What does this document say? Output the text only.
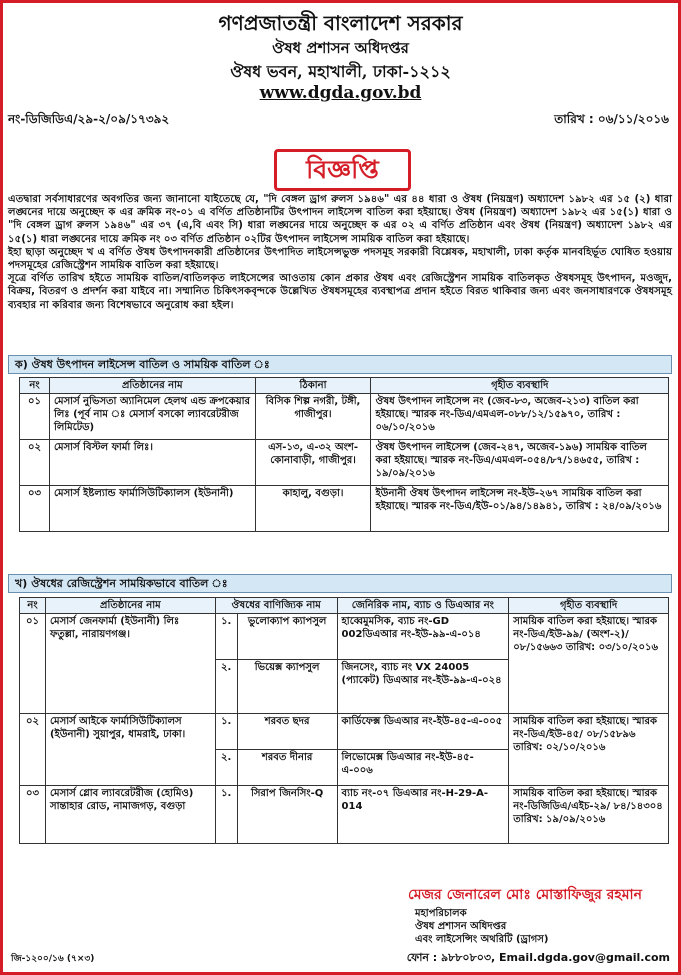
গণপ্রজাতন্ত্রী বাংলাদেশ সরকার
ঔষধ প্রশাসন অধিদপ্তর
ঔষধ ভবন, মহাখালী, ঢাকা-১২১২
www.dgda.gov.bd
নং-ডিজিডিএ/২৯-২/০৯/১৭৩৯২	তারিখ : ০৬/১১/২০১৬
বিজ্ঞপ্তি

এতদ্বারা সর্বসাধারণের অবগতির জন্য জানানো যাইতেছে যে, "দি বেঙ্গল ড্রাগ রুলস ১৯৪৬" এর ৪৪ ধারা ও ঔষধ (নিয়ন্ত্রণ) অধ্যাদেশ ১৯৮২ এর ১৫ (২) ধারা লঙ্ঘনের দায়ে অনুচ্ছেদ ক এর ক্রমিক নং-০১ এ বর্ণিত প্রতিষ্ঠানটির উৎপাদন লাইসেন্স বাতিল করা হইয়াছে। ঔষধ (নিয়ন্ত্রণ) অধ্যাদেশ ১৯৮২ এর ১৫(১) ধারা ও "দি বেঙ্গল ড্রাগ রুলস ১৯৪৬" এর ৩৭ (এ,বি এবং সি) ধারা লঙ্ঘনের দায়ে অনুচ্ছেদ ক এর ০২ এ বর্ণিত প্রতিষ্ঠান এবং ঔষধ (নিয়ন্ত্রণ) অধ্যাদেশ ১৯৮২ এর ১৫(১) ধারা লঙ্ঘনের দায়ে ক্রমিক নং ০৩ বর্ণিত প্রতিষ্ঠান ০২টির উৎপাদন লাইসেন্স সাময়িক বাতিল করা হইয়াছে।

ইহা ছাড়া অনুচ্ছেদ খ এ বর্ণিত ঔষধ উৎপাদনকারী প্রতিষ্ঠানের উৎপাদিত লাইসেন্সভুক্ত পদসমূহ সরকারী বিশ্লেষক, মহাখালী, ঢাকা কর্তৃক মানবহির্ভূত ঘোষিত হওয়ায় পদসমূহের রেজিস্ট্রেশন সাময়িক বাতিল করা হইয়াছে।

সূত্রে বর্ণিত তারিখ হইতে সাময়িক বাতিল/বাতিলকৃত লাইসেন্সের আওতায় কোন প্রকার ঔষধ এবং রেজিস্ট্রেশন সাময়িক বাতিলকৃত ঔষধসমূহ উৎপাদন, মওজুদ, বিক্রয়, বিতরণ ও প্রদর্শন করা যাইবে না। সম্মানিত চিকিৎসকবৃন্দকে উল্লেখিত ঔষধসমূহের ব্যবস্থাপত্র প্রদান হইতে বিরত থাকিবার জন্য এবং জনসাধারণকে ঔষধসমূহ ব্যবহার না করিবার জন্য বিশেষভাবে অনুরোধ করা হইল।

ক) ঔষধ উৎপাদন লাইসেন্স বাতিল ও সাময়িক বাতিল ঃ
নং	প্রতিষ্ঠানের নাম	ঠিকানা	গৃহীত ব্যবস্থাদি
০১	মেসার্স নুভিসতা অ্যানিমেল হেলথ এন্ড ক্রপকেয়ার লিঃ (পূর্ব নাম ঃ মেসার্স বসকো ল্যাবরেটরীজ লিমিটেড)	বিসিক শিল্প নগরী, টঙ্গী, গাজীপুর।	ঔষধ উৎপাদন লাইসেন্স নং (জেব-৮৩, অজেব-২১৩) বাতিল করা হইয়াছে। স্মারক নং-ডিএ/এমএল-০৮৮/১২/১৫৯৭০, তারিখ : ০৬/১০/২০১৬
০২	মেসার্স বিস্টল ফার্মা লিঃ।	এস-১৩, এ-৩২ অংশ-কোনাবাড়ী, গাজীপুর।	ঔষধ উৎপাদন লাইসেন্স (জেব-২৪৭, অজেব-১৯৬) সাময়িক বাতিল করা হইয়াছে। স্মারক নং-ডিএ/এমএল-০৫৪/৮৭/১৪৬৫৫, তারিখ : ১৯/০৯/২০১৬
০৩	মেসার্স ইষ্টল্যান্ড ফার্মাসিউটিক্যালস (ইউনানী)	কাহালু, বগুড়া।	ইউনানী ঔষধ উৎপাদন লাইসেন্স নং-ইউ-২৬৭ সাময়িক বাতিল করা হইয়াছে। স্মারক নং-ডিএ/ইউ-০১/৯৪/১৪৯৪১, তারিখ : ২৪/০৯/২০১৬
খ) ঔষধের রেজিস্ট্রেশন সাময়িকভাবে বাতিল ঃ
নং	প্রতিষ্ঠানের নাম	ঔষধের বাণিজ্যিক নাম		জেনিরিক নাম, ব্যাচ ও ডিএআর নং	গৃহীত ব্যবস্থাদি
০১	মেসার্স জেনফার্মা (ইউনানী) লিঃ ফতুল্লা, নারায়ণগঞ্জ।	১.	ভুলোক্যাপ ক্যাপসুল	হাব্বেমুমসিক, ব্যাচ নং-GD 002ডিএআর নং-ইউ-৯৯-এ-০১৪	সাময়িক বাতিল করা হইয়াছে। স্মারক নং-ডিএ/ইউ-৯৯/ (অংশ-২)/০৮/১৫৬৬৩ তারিখ: ০৩/১০/২০১৬
		২.	ভিয়েক্স ক্যাপসুল	জিনসেং, ব্যাচ নং VX 24005 (প্যাকেট) ডিএআর নং-ইউ-৯৯-এ-০২৪	
০২	মেসার্স আইকে ফার্মাসিউটিক্যালস (ইউনানী) সুয়াপুর, ধামরাই, ঢাকা।	১.	শরবত ছদর	কার্ডিফেক্স ডিএআর নং-ইউ-৪৫-এ-০০৫	সাময়িক বাতিল করা হইয়াছে। স্মারক নং-ডিএ/ইউ-৪৫/ ০৮/১৫৮৯৬ তারিখ: ০২/১০/২০১৬
		২.	শরবত দীনার	লিভোমেক্স ডিএআর নং-ইউ-৪৫-এ-০০৬	
০৩	মেসার্স গ্লোব ল্যাবরেটরীজ (হোমিও) সান্তাহার রোড, নামাজগড়, বগুড়া	১.	সিরাপ জিনসিং-Q	ব্যাচ নং-০৭ ডিএআর নং-H-29-A-014	সাময়িক বাতিল করা হইয়াছে। স্মারক নং-ডিজিডিএ/এইচ-২৯/ ৮৪/১৪৩০৪ তারিখ: ১৯/০৯/২০১৬
মেজর জেনারেল মোঃ মোস্তাফিজুর রহমান
মহাপরিচালক
ঔষধ প্রশাসন অধিদপ্তর
এবং লাইসেন্সিং অথরিটি (ড্রাগস)
জি-১২০০/১৬ (৭×৩)	ফোন : ৯৮৮০৮০৩, Email.dgda.gov@gmail.com
